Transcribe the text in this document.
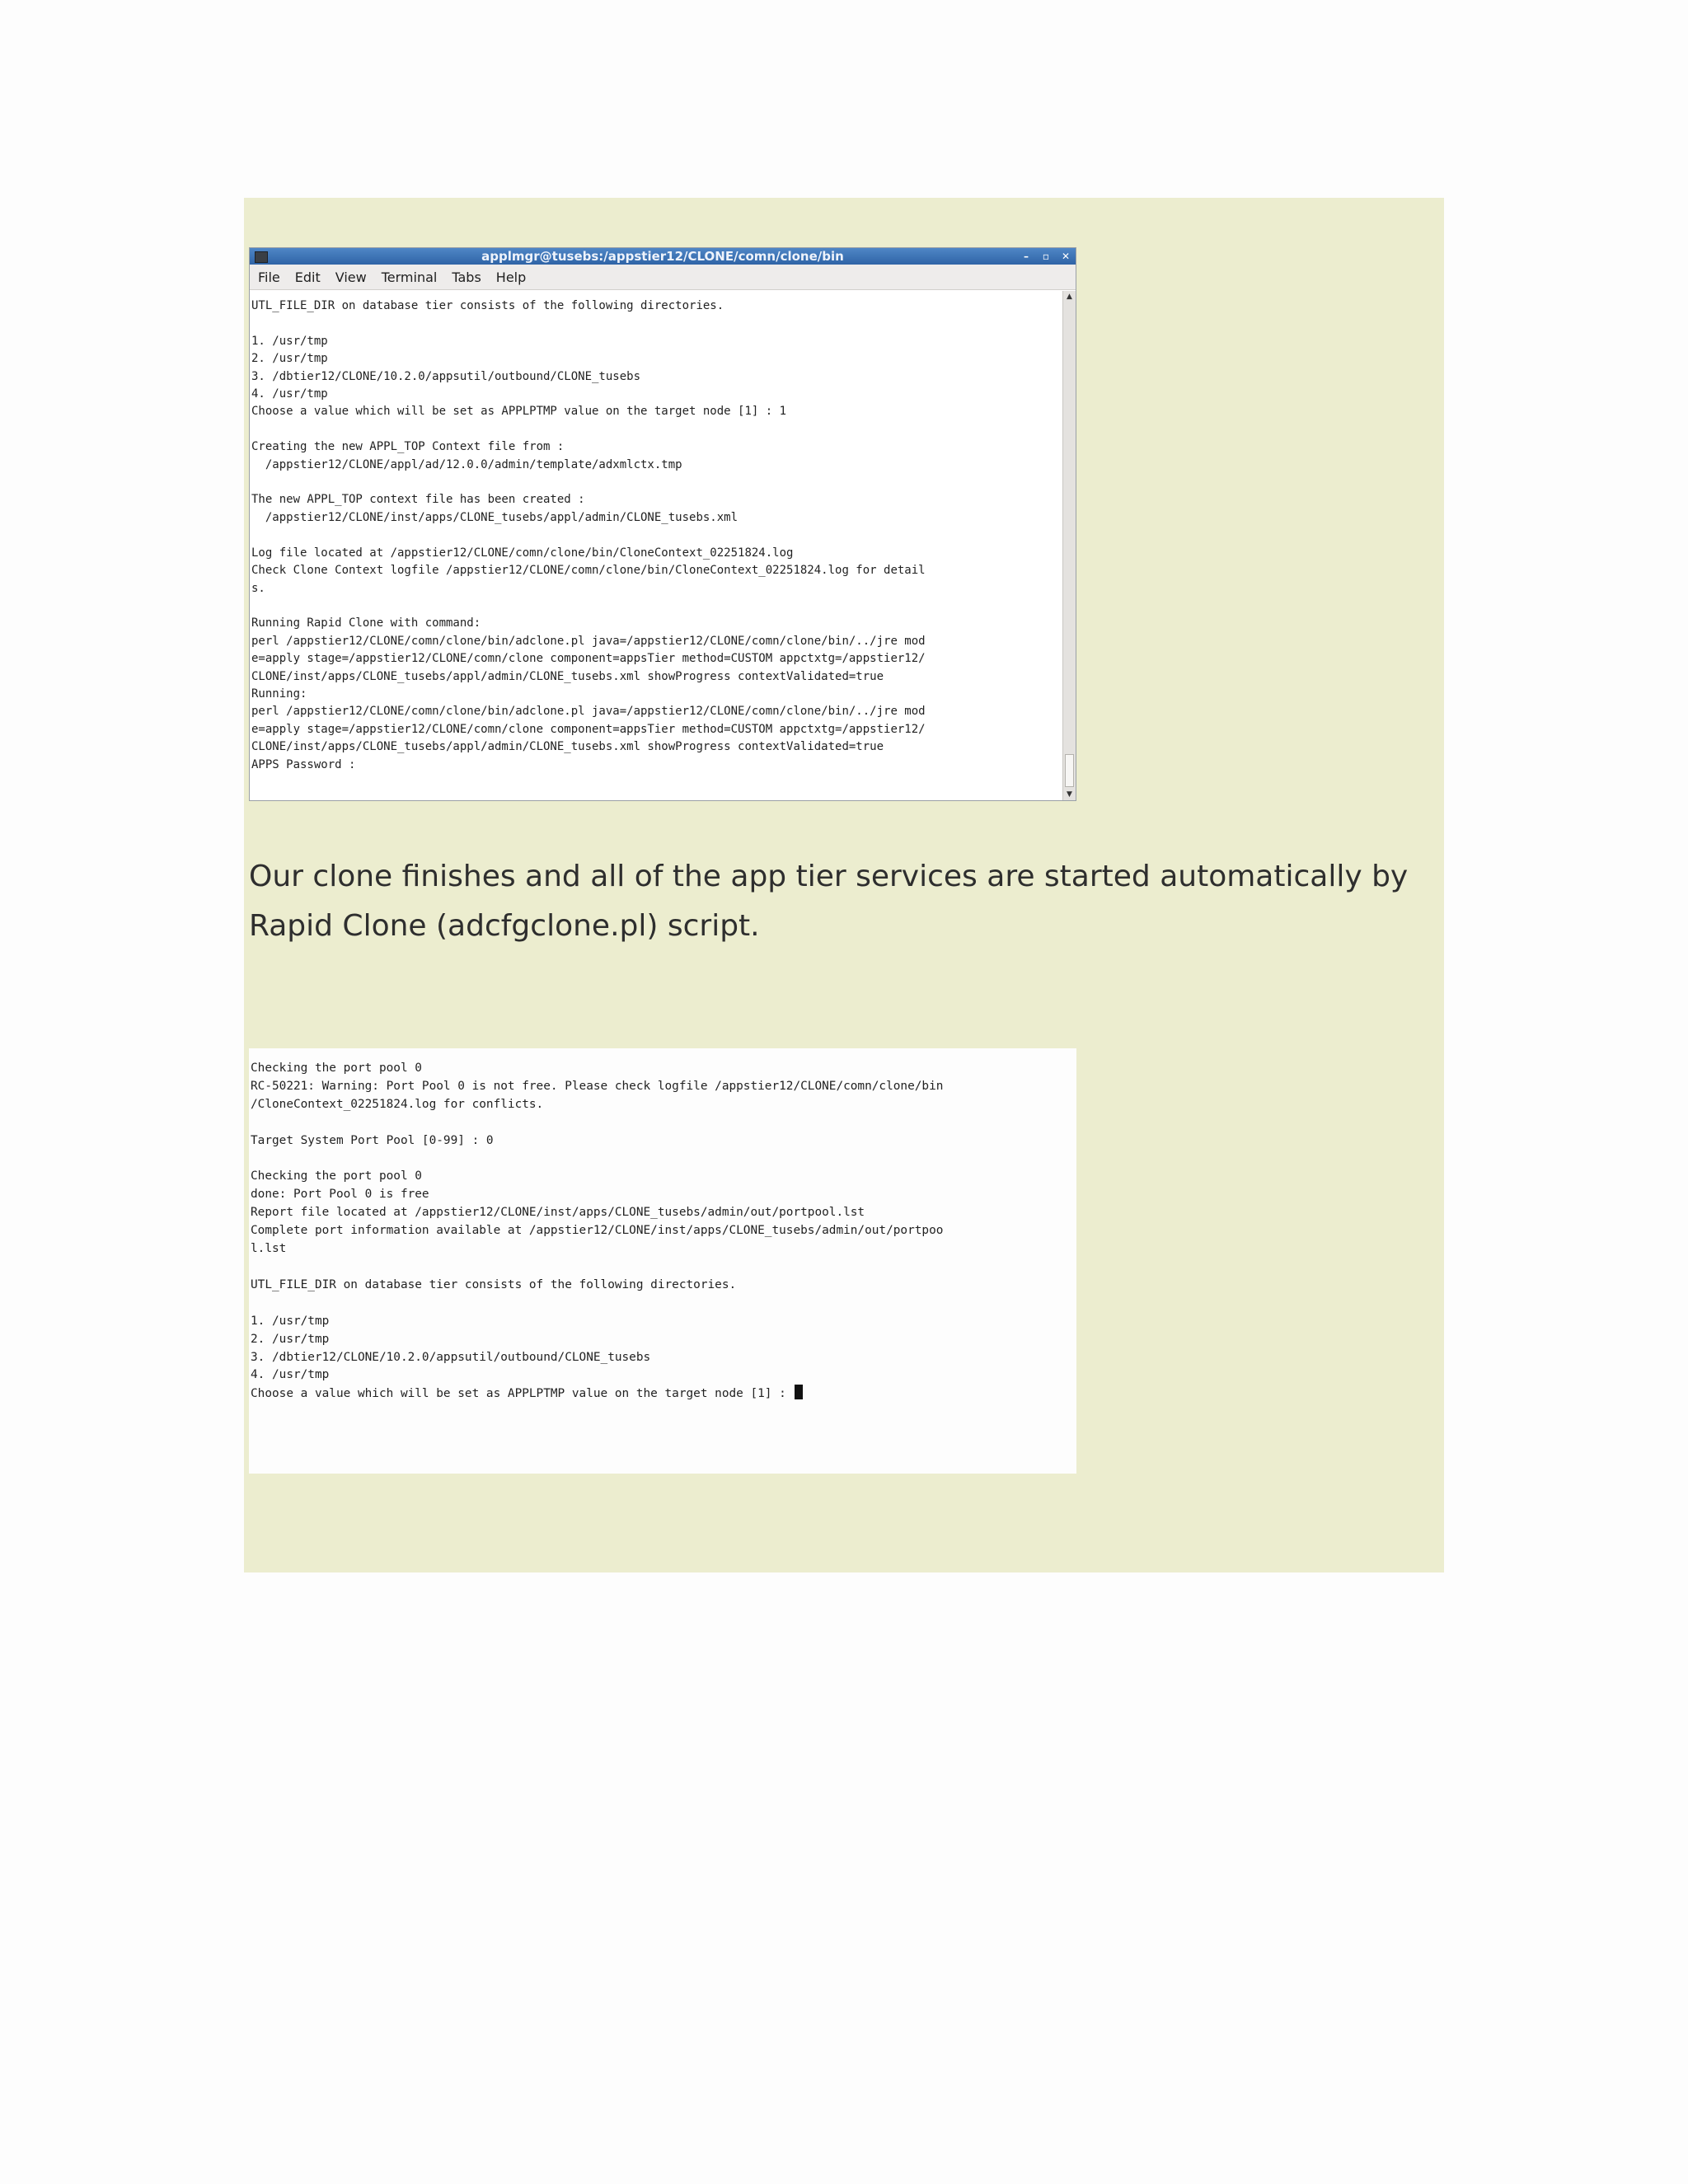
applmgr@tusebs:/appstier12/CLONE/comn/clone/bin	–	▫	✕
File Edit View Terminal Tabs Help
UTL_FILE_DIR on database tier consists of the following directories.

1. /usr/tmp
2. /usr/tmp
3. /dbtier12/CLONE/10.2.0/appsutil/outbound/CLONE_tusebs
4. /usr/tmp
Choose a value which will be set as APPLPTMP value on the target node [1] : 1

Creating the new APPL_TOP Context file from :
/appstier12/CLONE/appl/ad/12.0.0/admin/template/adxmlctx.tmp

The new APPL_TOP context file has been created :
/appstier12/CLONE/inst/apps/CLONE_tusebs/appl/admin/CLONE_tusebs.xml

Log file located at /appstier12/CLONE/comn/clone/bin/CloneContext_02251824.log
Check Clone Context logfile /appstier12/CLONE/comn/clone/bin/CloneContext_02251824.log for detail
s.

Running Rapid Clone with command:
perl /appstier12/CLONE/comn/clone/bin/adclone.pl java=/appstier12/CLONE/comn/clone/bin/../jre mod
e=apply stage=/appstier12/CLONE/comn/clone component=appsTier method=CUSTOM appctxtg=/appstier12/
CLONE/inst/apps/CLONE_tusebs/appl/admin/CLONE_tusebs.xml showProgress contextValidated=true
Running:
perl /appstier12/CLONE/comn/clone/bin/adclone.pl java=/appstier12/CLONE/comn/clone/bin/../jre mod
e=apply stage=/appstier12/CLONE/comn/clone component=appsTier method=CUSTOM appctxtg=/appstier12/
CLONE/inst/apps/CLONE_tusebs/appl/admin/CLONE_tusebs.xml showProgress contextValidated=true
APPS Password :
▲
▼

Our clone finishes and all of the app tier services are started automatically by Rapid Clone (adcfgclone.pl) script.

Checking the port pool 0
RC-50221: Warning: Port Pool 0 is not free. Please check logfile /appstier12/CLONE/comn/clone/bin
/CloneContext_02251824.log for conflicts.

Target System Port Pool [0-99] : 0

Checking the port pool 0
done: Port Pool 0 is free
Report file located at /appstier12/CLONE/inst/apps/CLONE_tusebs/admin/out/portpool.lst
Complete port information available at /appstier12/CLONE/inst/apps/CLONE_tusebs/admin/out/portpoo
l.lst

UTL_FILE_DIR on database tier consists of the following directories.

1. /usr/tmp
2. /usr/tmp
3. /dbtier12/CLONE/10.2.0/appsutil/outbound/CLONE_tusebs
4. /usr/tmp
Choose a value which will be set as APPLPTMP value on the target node [1] :
